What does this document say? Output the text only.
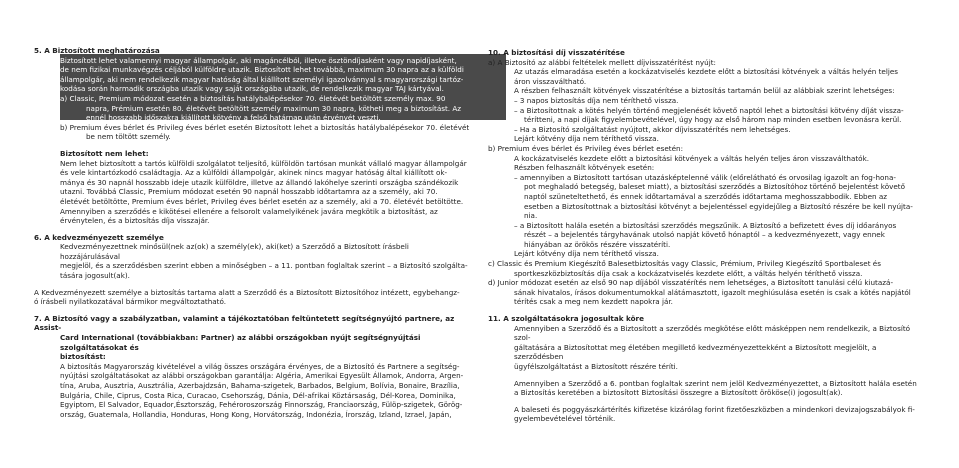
5. A Biztosított meghatározása

Biztosított lehet valamennyi magyar állampolgár, aki magáncélból, illetve ösztöndíjasként vagy napidíjasként,

de nem fizikai munkavégzés céljából külföldre utazik. Biztosított lehet továbbá, maximum 30 napra az a külföldi

állampolgár, aki nem rendelkezik magyar hatóság által kiállított személyi igazolvánnyal s magyarországi tartóz-

kodása során harmadik országba utazik vagy saját országába utazik, de rendelkezik magyar TAJ kártyával.

a) Classic, Premium módozat esetén a biztosítás hatálybalépésekor 70. életévét betöltött személy max. 90

napra, Prémium esetén 80. életévét betöltött személy maximum 30 napra, kötheti meg a biztosítást. Az

ennél hosszabb időszakra kiállított kötvény a felső határnap után érvényét veszti.

b) Premium éves bérlet és Privileg éves bérlet esetén Biztosított lehet a biztosítás hatálybalépésekor 70. életévét

be nem töltött személy.

Biztosított nem lehet:

Nem lehet biztosított a tartós külföldi szolgálatot teljesítő, külföldön tartósan munkát vállaló magyar állampolgár

és vele kintartózkodó családtagja. Az a külföldi állampolgár, akinek nincs magyar hatóság által kiállított ok-

mánya és 30 napnál hosszabb ideje utazik külföldre, illetve az állandó lakóhelye szerinti országba szándékozik

utazni. Továbbá Classic, Premium módozat esetén 90 napnál hosszabb időtartamra az a személy, aki 70.

életévét betöltötte, Premium éves bérlet, Privileg éves bérlet esetén az a személy, aki a 70. életévét betöltötte.

Amennyiben a szerződés e kikötései ellenére a felsorolt valamelyikének javára megkötik a biztosítást, az

érvénytelen, és a biztosítás díja visszajár.

6. A kedvezményezett személye

Kedvezményezettnek minősül(nek az(ok) a személy(ek), aki(ket) a Szerződő a Biztosított írásbeli hozzájárulásával

megjelöl, és a szerződésben szerint ebben a minőségben – a 11. pontban foglaltak szerint – a Biztosító szolgálta-

tására jogosult(ak).

A Kedvezményezett személye a biztosítás tartama alatt a Szerződő és a Biztosított Biztosítóhoz intézett, egybehangz-

ó írásbeli nyilatkozatával bármikor megváltoztatható.

7. A Biztosító vagy a szabályzatban, valamint a tájékoztatóban feltüntetett segítségnyújtó partnere, az Assist-

Card International (továbbiakban: Partner) az alábbi országokban nyújt segítségnyújtási szolgáltatásokat és

biztosítást:

A biztosítás Magyarország kivételével a világ összes országára érvényes, de a Biztosító és Partnere a segítség-

nyújtási szolgáltatásokat az alábbi országokban garantálja: Algéria, Amerikai Egyesült Államok, Andorra, Argen-

tína, Aruba, Ausztria, Ausztrália, Azerbajdzsán, Bahama-szigetek, Barbados, Belgium, Bolívia, Bonaire, Brazília,

Bulgária, Chile, Ciprus, Costa Rica, Curacao, Csehország, Dánia, Dél-afrikai Köztársaság, Dél-Korea, Dominika,

Egyiptom, El Salvador, Equador,Észtország, Fehéroroszország Finnország, Franciaország, Fülöp-szigetek, Görög-

ország, Guatemala, Hollandia, Honduras, Hong Kong, Horvátország, Indonézia, Írország, Izland, Izrael, Japán,

10. A biztosítási díj visszatérítése

a) A Biztosító az alábbi feltételek mellett díjvisszatérítést nyújt:

Az utazás elmaradása esetén a kockázatviselés kezdete előtt a biztosítási kötvények a váltás helyén teljes

áron visszaváltható.

A részben felhasznált kötvények visszatérítése a biztosítás tartamán belül az alábbiak szerint lehetséges:

– 3 napos biztosítás díja nem téríthető vissza.

– a Biztosítottnak a kötés helyén történő megjelenését követő naptól lehet a biztosítási kötvény díját vissza-

térítteni, a napi díjak figyelembevételével, úgy hogy az első három nap minden esetben levonásra kerül.

– Ha a Biztosító szolgáltatást nyújtott, akkor díjvisszatérítés nem lehetséges.

Lejárt kötvény díja nem téríthető vissza.

b) Premium éves bérlet és Privileg éves bérlet esetén:

A kockázatviselés kezdete előtt a biztosítási kötvények a váltás helyén teljes áron visszaválthatók.

Részben felhasznált kötvények esetén:

– amennyiben a Biztosított tartósan utazásképtelenné válik (előrelátható és orvosilag igazolt an fog-hona-

pot meghaladó betegség, baleset miatt), a biztosítási szerződés a Biztosítóhoz történő bejelentést követő

naptól szüneteltethető, és ennek időtartamával a szerződés időtartama meghosszabbodik. Ebben az

esetben a Biztosítottnak a biztosítási kötvényt a bejelentéssel egyidejűleg a Biztosító részére be kell nyújta-

nia.

– a Biztosított halála esetén a biztosítási szerződés megszűnik. A Biztosító a befizetett éves díj időarányos

részét – a bejelentés tárgyhavának utolsó napját követő hónaptól – a kedvezményezett, vagy ennek

hiányában az örökös részére visszatéríti.

Lejárt kötvény díja nem téríthető vissza.

c) Classic és Premium Kiegészítő Balesetbiztosítás vagy Classic, Prémium, Privileg Kiegészítő Sportbaleset és

sportkeszközbiztosítás díja csak a kockázatviselés kezdete előtt, a váltás helyén téríthető vissza.

d) Junior módozat esetén az első 90 nap díjából visszatérítés nem lehetséges, a Biztosított tanulási célú kiutazá-

sának hivatalos, írásos dokumentumokkal alátámasztott, igazolt meghiúsulása esetén is csak a kötés napjától

térítés csak a meg nem kezdett napokra jár.

11. A szolgáltatásokra jogosultak köre

Amennyiben a Szerződő és a Biztosított a szerződés megkötése előtt másképpen nem rendelkezik, a Biztosító szol-

gáltatására a Biztosítottat meg életében megillető kedvezményezettekként a Biztosított megjelölt, a szerződésben

ügyfélszolgáltatást a Biztosított részére téríti.

Amennyiben a Szerződő a 6. pontban foglaltak szerint nem jelöl Kedvezményezettet, a Biztosított halála esetén

a Biztosítás keretében a biztosított Biztosítási összegre a Biztosított örököse(i) jogosult(ak).

A baleseti és poggyászkártérítés kifizetése kizárólag forint fizetőeszközben a mindenkori devizajogszabályok fi-

gyelembevételével történik.
